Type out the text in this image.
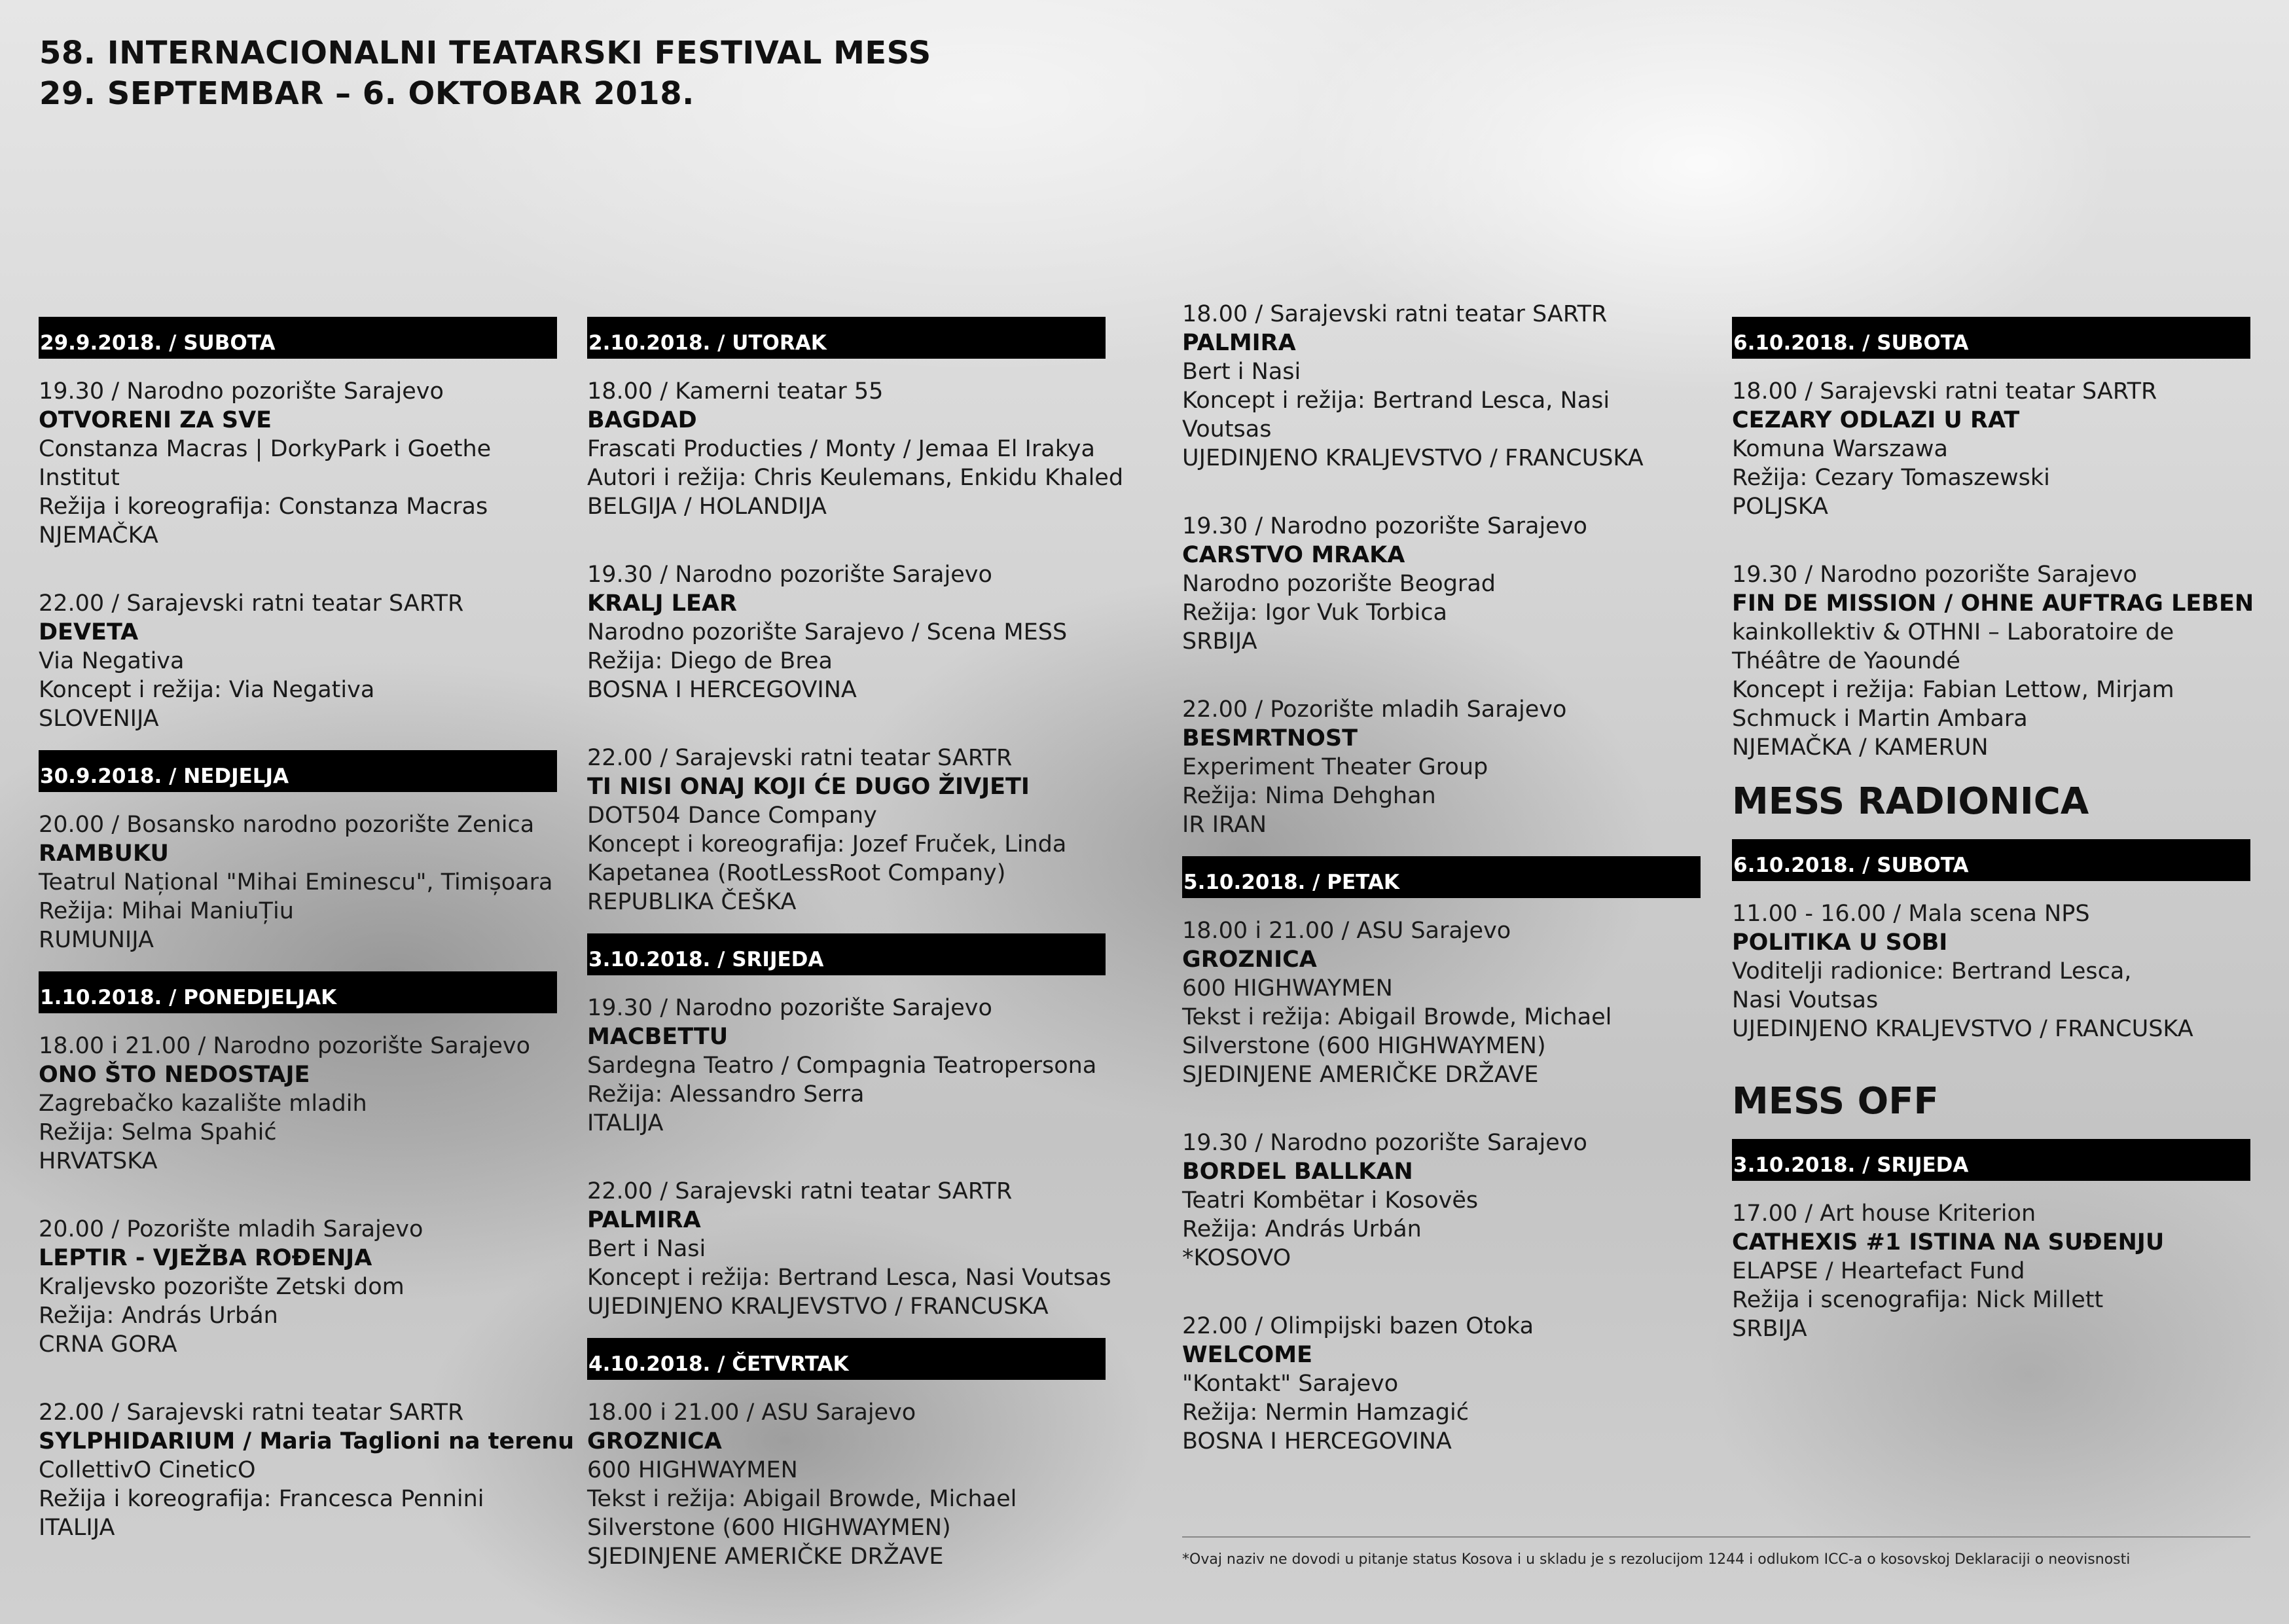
58. INTERNACIONALNI TEATARSKI FESTIVAL MESS
29. SEPTEMBAR – 6. OKTOBAR 2018.
29.9.2018. / SUBOTA
19.30 / Narodno pozorište Sarajevo
OTVORENI ZA SVE
Constanza Macras | DorkyPark i Goethe
Institut
Režija i koreografija: Constanza Macras
NJEMAČKA
22.00 / Sarajevski ratni teatar SARTR
DEVETA
Via Negativa
Koncept i režija: Via Negativa
SLOVENIJA
30.9.2018. / NEDJELJA
20.00 / Bosansko narodno pozorište Zenica
RAMBUKU
Teatrul Național "Mihai Eminescu", Timișoara
Režija: Mihai ManiuȚiu
RUMUNIJA
1.10.2018. / PONEDJELJAK
18.00 i 21.00 / Narodno pozorište Sarajevo
ONO ŠTO NEDOSTAJE
Zagrebačko kazalište mladih
Režija: Selma Spahić
HRVATSKA
20.00 / Pozorište mladih Sarajevo
LEPTIR - VJEŽBA ROĐENJA
Kraljevsko pozorište Zetski dom
Režija: András Urbán
CRNA GORA
22.00 / Sarajevski ratni teatar SARTR
SYLPHIDARIUM / Maria Taglioni na terenu
CollettivO CineticO
Režija i koreografija: Francesca Pennini
ITALIJA
2.10.2018. / UTORAK
18.00 / Kamerni teatar 55
BAGDAD
Frascati Producties / Monty / Jemaa El Irakya
Autori i režija: Chris Keulemans, Enkidu Khaled
BELGIJA / HOLANDIJA
19.30 / Narodno pozorište Sarajevo
KRALJ LEAR
Narodno pozorište Sarajevo / Scena MESS
Režija: Diego de Brea
BOSNA I HERCEGOVINA
22.00 / Sarajevski ratni teatar SARTR
TI NISI ONAJ KOJI ĆE DUGO ŽIVJETI
DOT504 Dance Company
Koncept i koreografija: Jozef Fruček, Linda
Kapetanea (RootLessRoot Company)
REPUBLIKA ČEŠKA
3.10.2018. / SRIJEDA
19.30 / Narodno pozorište Sarajevo
MACBETTU
Sardegna Teatro / Compagnia Teatropersona
Režija: Alessandro Serra
ITALIJA
22.00 / Sarajevski ratni teatar SARTR
PALMIRA
Bert i Nasi
Koncept i režija: Bertrand Lesca, Nasi Voutsas
UJEDINJENO KRALJEVSTVO / FRANCUSKA
4.10.2018. / ČETVRTAK
18.00 i 21.00 / ASU Sarajevo
GROZNICA
600 HIGHWAYMEN
Tekst i režija: Abigail Browde, Michael
Silverstone (600 HIGHWAYMEN)
SJEDINJENE AMERIČKE DRŽAVE
18.00 / Sarajevski ratni teatar SARTR
PALMIRA
Bert i Nasi
Koncept i režija: Bertrand Lesca, Nasi
Voutsas
UJEDINJENO KRALJEVSTVO / FRANCUSKA
19.30 / Narodno pozorište Sarajevo
CARSTVO MRAKA
Narodno pozorište Beograd
Režija: Igor Vuk Torbica
SRBIJA
22.00 / Pozorište mladih Sarajevo
BESMRTNOST
Experiment Theater Group
Režija: Nima Dehghan
IR IRAN
5.10.2018. / PETAK
18.00 i 21.00 / ASU Sarajevo
GROZNICA
600 HIGHWAYMEN
Tekst i režija: Abigail Browde, Michael
Silverstone (600 HIGHWAYMEN)
SJEDINJENE AMERIČKE DRŽAVE
19.30 / Narodno pozorište Sarajevo
BORDEL BALLKAN
Teatri Kombëtar i Kosovës
Režija: András Urbán
*KOSOVO
22.00 / Olimpijski bazen Otoka
WELCOME
"Kontakt" Sarajevo
Režija: Nermin Hamzagić
BOSNA I HERCEGOVINA
6.10.2018. / SUBOTA
18.00 / Sarajevski ratni teatar SARTR
CEZARY ODLAZI U RAT
Komuna Warszawa
Režija: Cezary Tomaszewski
POLJSKA
19.30 / Narodno pozorište Sarajevo
FIN DE MISSION / OHNE AUFTRAG LEBEN
kainkollektiv & OTHNI – Laboratoire de
Théâtre de Yaoundé
Koncept i režija: Fabian Lettow, Mirjam
Schmuck i Martin Ambara
NJEMAČKA / KAMERUN
MESS RADIONICA
6.10.2018. / SUBOTA
11.00 - 16.00 / Mala scena NPS
POLITIKA U SOBI
Voditelji radionice: Bertrand Lesca,
Nasi Voutsas
UJEDINJENO KRALJEVSTVO / FRANCUSKA
MESS OFF
3.10.2018. / SRIJEDA
17.00 / Art house Kriterion
CATHEXIS #1 ISTINA NA SUĐENJU
ELAPSE / Heartefact Fund
Režija i scenografija: Nick Millett
SRBIJA
*Ovaj naziv ne dovodi u pitanje status Kosova i u skladu je s rezolucijom 1244 i odlukom ICC-a o kosovskoj Deklaraciji o neovisnosti
